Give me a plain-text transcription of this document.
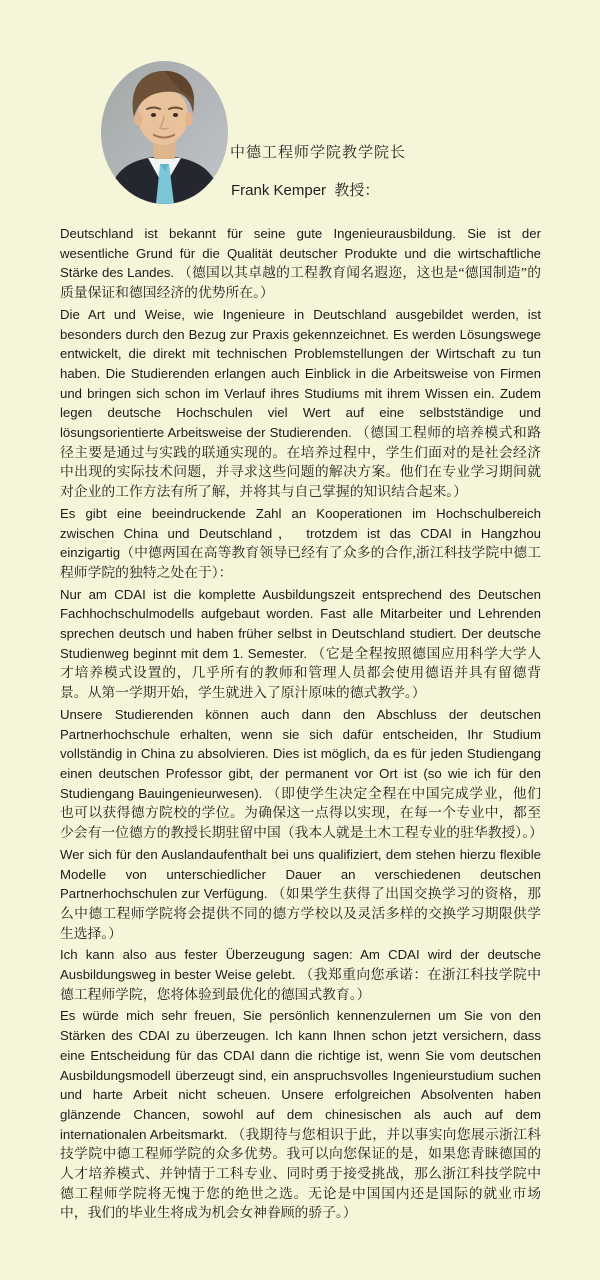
中德工程师学院教学院长
Frank Kemper  教授：

Deutschland ist bekannt für seine gute Ingenieurausbildung. Sie ist der wesentliche Grund für die Qualität deutscher Produkte und die wirtschaftliche Stärke des Landes. （德国以其卓越的工程教育闻名遐迩，这也是“德国制造”的质量保证和德国经济的优势所在。）

Die Art und Weise, wie Ingenieure in Deutschland ausgebildet werden, ist besonders durch den Bezug zur Praxis gekennzeichnet. Es werden Lösungswege entwickelt, die direkt mit technischen Problemstellungen der Wirtschaft zu tun haben. Die Studierenden erlangen auch Einblick in die Arbeitsweise von Firmen und bringen sich schon im Verlauf ihres Studiums mit ihrem Wissen ein. Zudem legen deutsche Hochschulen viel Wert auf eine selbstständige und lösungsorientierte Arbeitsweise der Studierenden. （德国工程师的培养模式和路径主要是通过与实践的联通实现的。在培养过程中，学生们面对的是社会经济中出现的实际技术问题，并寻求这些问题的解决方案。他们在专业学习期间就对企业的工作方法有所了解，并将其与自己掌握的知识结合起来。）

Es gibt eine beeindruckende Zahl an Kooperationen im Hochschulbereich zwischen China und Deutschland， trotzdem ist das CDAI in Hangzhou einzigartig（中德两国在高等教育领导已经有了众多的合作,浙江科技学院中德工程师学院的独特之处在于）：

Nur am CDAI ist die komplette Ausbildungszeit entsprechend des Deutschen Fachhochschulmodells aufgebaut worden. Fast alle Mitarbeiter und Lehrenden sprechen deutsch und haben früher selbst in Deutschland studiert. Der deutsche Studienweg beginnt mit dem 1. Semester. （它是全程按照德国应用科学大学人才培养模式设置的，几乎所有的教师和管理人员都会使用德语并具有留德背景。从第一学期开始，学生就进入了原汁原味的德式教学。）

Unsere Studierenden können auch dann den Abschluss der deutschen Partnerhochschule erhalten, wenn sie sich dafür entscheiden, Ihr Studium vollständig in China zu absolvieren. Dies ist möglich, da es für jeden Studiengang einen deutschen Professor gibt, der permanent vor Ort ist (so wie ich für den Studiengang Bauingenieurwesen). （即使学生决定全程在中国完成学业，他们也可以获得德方院校的学位。为确保这一点得以实现，在每一个专业中，都至少会有一位德方的教授长期驻留中国（我本人就是土木工程专业的驻华教授）。）

Wer sich für den Auslandaufenthalt bei uns qualifiziert, dem stehen hierzu flexible Modelle von unterschiedlicher Dauer an verschiedenen deutschen Partnerhochschulen zur Verfügung. （如果学生获得了出国交换学习的资格，那么中德工程师学院将会提供不同的德方学校以及灵活多样的交换学习期限供学生选择。）

Ich kann also aus fester Überzeugung sagen: Am CDAI wird der deutsche Ausbildungsweg in bester Weise gelebt. （我郑重向您承诺：在浙江科技学院中德工程师学院，您将体验到最优化的德国式教育。）

Es würde mich sehr freuen, Sie persönlich kennenzulernen um Sie von den Stärken des CDAI zu überzeugen. Ich kann Ihnen schon jetzt versichern, dass eine Entscheidung für das CDAI dann die richtige ist, wenn Sie vom deutschen Ausbildungsmodell überzeugt sind, ein anspruchsvolles Ingenieurstudium suchen und harte Arbeit nicht scheuen. Unsere erfolgreichen Absolventen haben glänzende Chancen, sowohl auf dem chinesischen als auch auf dem internationalen Arbeitsmarkt. （我期待与您相识于此，并以事实向您展示浙江科技学院中德工程师学院的众多优势。我可以向您保证的是，如果您青睐德国的人才培养模式、并钟情于工科专业、同时勇于接受挑战，那么浙江科技学院中德工程师学院将无愧于您的绝世之选。无论是中国国内还是国际的就业市场中，我们的毕业生将成为机会女神眷顾的骄子。）
